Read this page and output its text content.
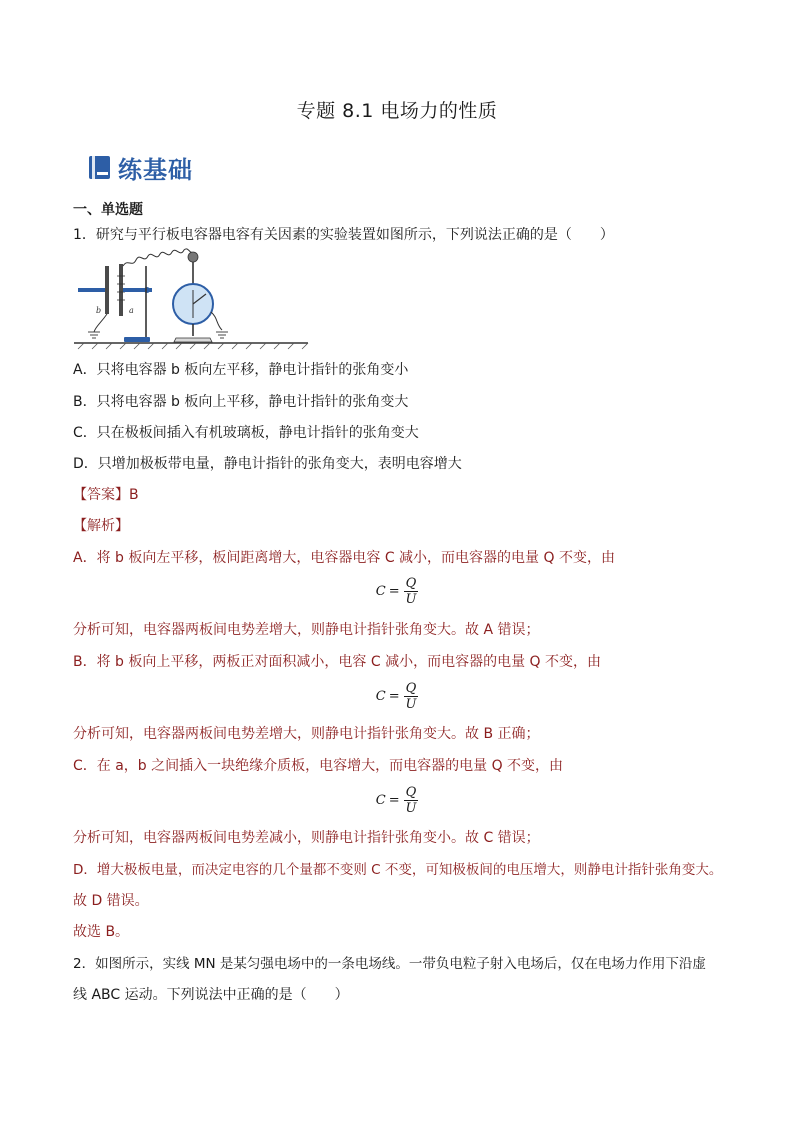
专题 8.1 电场力的性质
练基础
一、单选题
1．研究与平行板电容器电容有关因素的实验装置如图所示，下列说法正确的是（　　）
b	a
A．只将电容器 b 板向左平移，静电计指针的张角变小
B．只将电容器 b 板向上平移，静电计指针的张角变大
C．只在极板间插入有机玻璃板，静电计指针的张角变大
D．只增加极板带电量，静电计指针的张角变大，表明电容增大
【答案】B
【解析】
A．将 b 板向左平移，板间距离增大，电容器电容 C 减小，而电容器的电量 Q 不变，由
$C = \frac{Q}{U}$
分析可知，电容器两板间电势差增大，则静电计指针张角变大。故 A 错误；
B．将 b 板向上平移，两板正对面积减小，电容 C 减小，而电容器的电量 Q 不变，由
$C = \frac{Q}{U}$
分析可知，电容器两板间电势差增大，则静电计指针张角变大。故 B 正确；
C．在 a，b 之间插入一块绝缘介质板，电容增大，而电容器的电量 Q 不变，由
$C = \frac{Q}{U}$
分析可知，电容器两板间电势差减小，则静电计指针张角变小。故 C 错误；
D．增大极板电量，而决定电容的几个量都不变则 C 不变，可知极板间的电压增大，则静电计指针张角变大。
故 D 错误。
故选 B。
2．如图所示，实线 MN 是某匀强电场中的一条电场线。一带负电粒子射入电场后，仅在电场力作用下沿虚
线 ABC 运动。下列说法中正确的是（　　）
